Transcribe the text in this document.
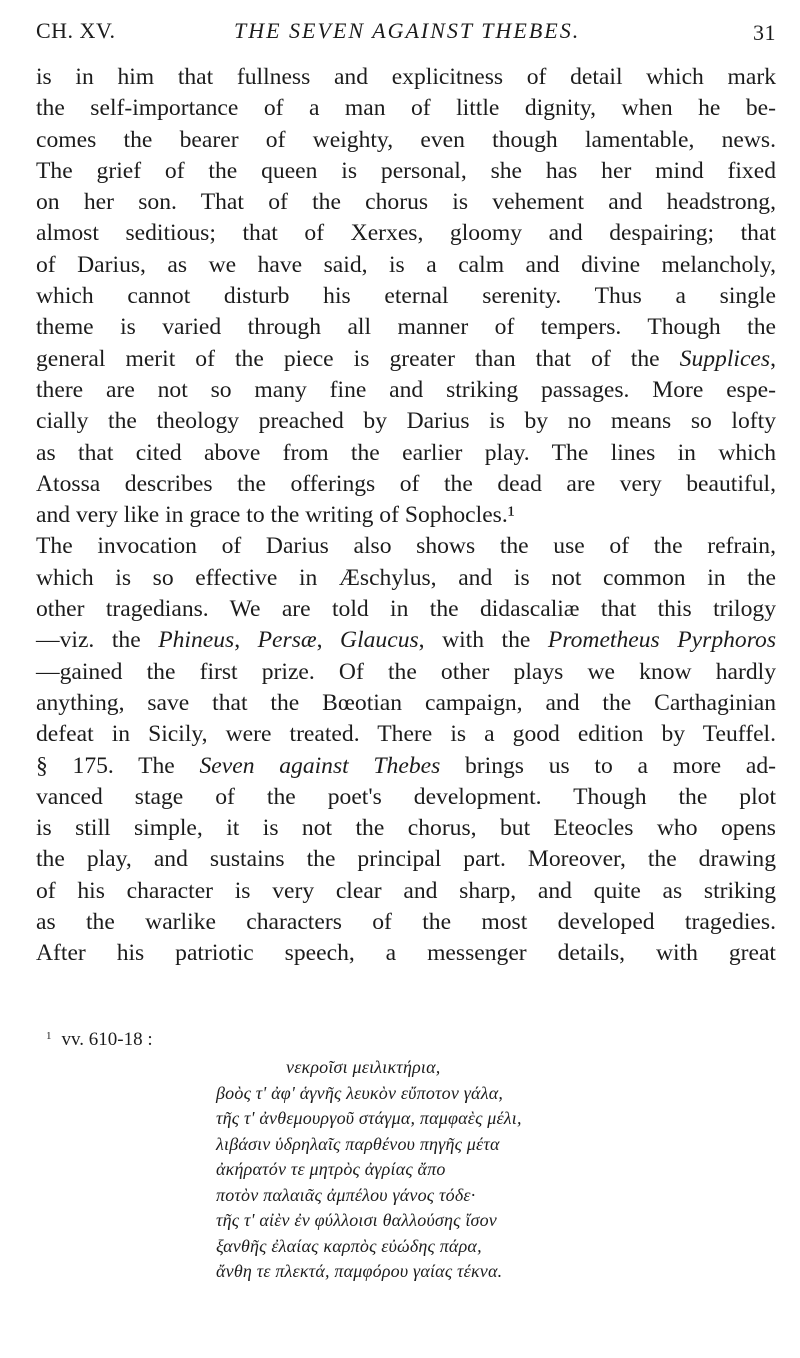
CH. XV.	THE SEVEN AGAINST THEBES.	31
is in him that fullness and explicitness of detail which mark
the self-importance of a man of little dignity, when he be-
comes the bearer of weighty, even though lamentable, news.
The grief of the queen is personal, she has her mind fixed
on her son. That of the chorus is vehement and headstrong,
almost seditious; that of Xerxes, gloomy and despairing; that
of Darius, as we have said, is a calm and divine melancholy,
which cannot disturb his eternal serenity. Thus a single
theme is varied through all manner of tempers. Though the
general merit of the piece is greater than that of the Supplices,
there are not so many fine and striking passages. More espe-
cially the theology preached by Darius is by no means so lofty
as that cited above from the earlier play. The lines in which
Atossa describes the offerings of the dead are very beautiful,
and very like in grace to the writing of Sophocles.¹
The invocation of Darius also shows the use of the refrain,
which is so effective in Æschylus, and is not common in the
other tragedians. We are told in the didascaliæ that this trilogy
—viz. the Phineus, Persæ, Glaucus, with the Prometheus Pyrphoros
—gained the first prize. Of the other plays we know hardly
anything, save that the Bœotian campaign, and the Carthaginian
defeat in Sicily, were treated. There is a good edition by Teuffel.
§ 175. The Seven against Thebes brings us to a more ad-
vanced stage of the poet's development. Though the plot
is still simple, it is not the chorus, but Eteocles who opens
the play, and sustains the principal part. Moreover, the drawing
of his character is very clear and sharp, and quite as striking
as the warlike characters of the most developed tragedies.
After his patriotic speech, a messenger details, with great
$^1$ vv. 610-18 :
νεκροῖσι μειλικτήρια,
βοὸς τ' ἀφ' ἁγνῆς λευκὸν εὔποτον γάλα,
τῆς τ' ἀνθεμουργοῦ στάγμα, παμφαὲς μέλι,
λιβάσιν ὑδρηλαῖς παρθένου πηγῆς μέτα
ἀκήρατόν τε μητρὸς ἀγρίας ἄπο
ποτὸν παλαιᾶς ἀμπέλου γάνος τόδε·
τῆς τ' αἰὲν ἐν φύλλοισι θαλλούσης ἴσον
ξανθῆς ἐλαίας καρπὸς εὐώδης πάρα,
ἄνθη τε πλεκτά, παμφόρου γαίας τέκνα.
